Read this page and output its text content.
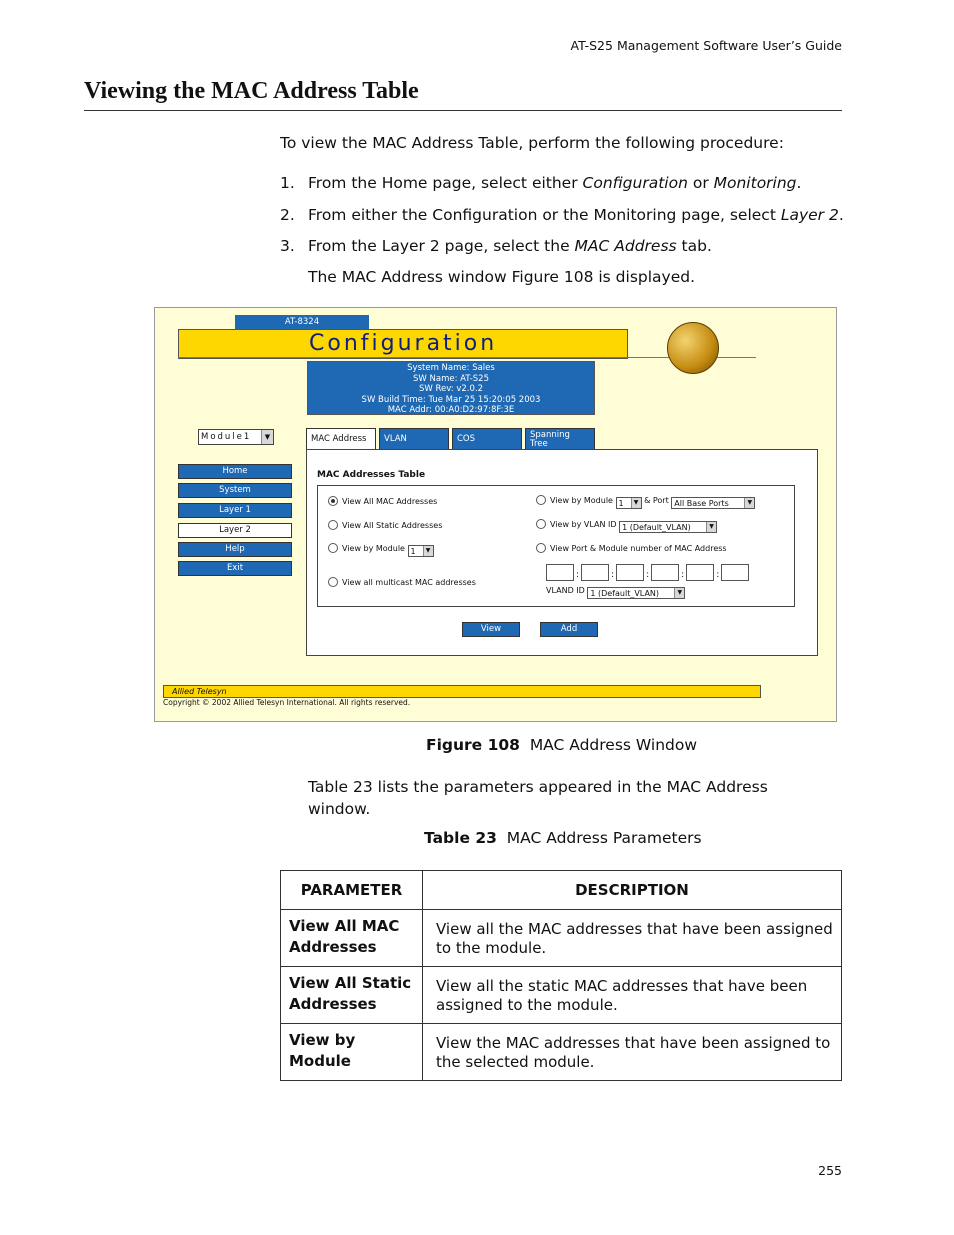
AT-S25 Management Software User’s Guide
Viewing the MAC Address Table
To view the MAC Address Table, perform the following procedure:
1. From the Home page, select either Configuration or Monitoring.
2. From either the Configuration or the Monitoring page, select Layer 2.
3. From the Layer 2 page, select the MAC Address tab.
The MAC Address window Figure 108 is displayed.
AT-8324
Configuration
System Name: Sales
SW Name: AT-S25
SW Rev: v2.0.2
SW Build Time: Tue Mar 25 15:20:05 2003
MAC Addr: 00:A0:D2:97:8F:3E
Module1	▼
Home
System
Layer 1
Layer 2
Help
Exit
MAC Address	VLAN	COS	Spanning Tree
MAC Addresses Table
View All MAC Addresses
View All Static Addresses
View by Module 1	▼
View all multicast MAC addresses
View by Module 1	▼ & Port All Base Ports	▼
View by VLAN ID 1 (Default_VLAN)	▼
View Port & Module number of MAC Address
:	:	:	:	:
VLAND ID 1 (Default_VLAN)	▼
View	Add
Allied Telesyn
Copyright © 2002 Allied Telesyn International. All rights reserved.
Figure 108 MAC Address Window
Table 23 lists the parameters appeared in the MAC Address window.
Table 23 MAC Address Parameters
PARAMETER	DESCRIPTION
View All MAC Addresses	View all the MAC addresses that have been assigned to the module.
View All Static Addresses	View all the static MAC addresses that have been assigned to the module.
View by Module	View the MAC addresses that have been assigned to the selected module.
255
